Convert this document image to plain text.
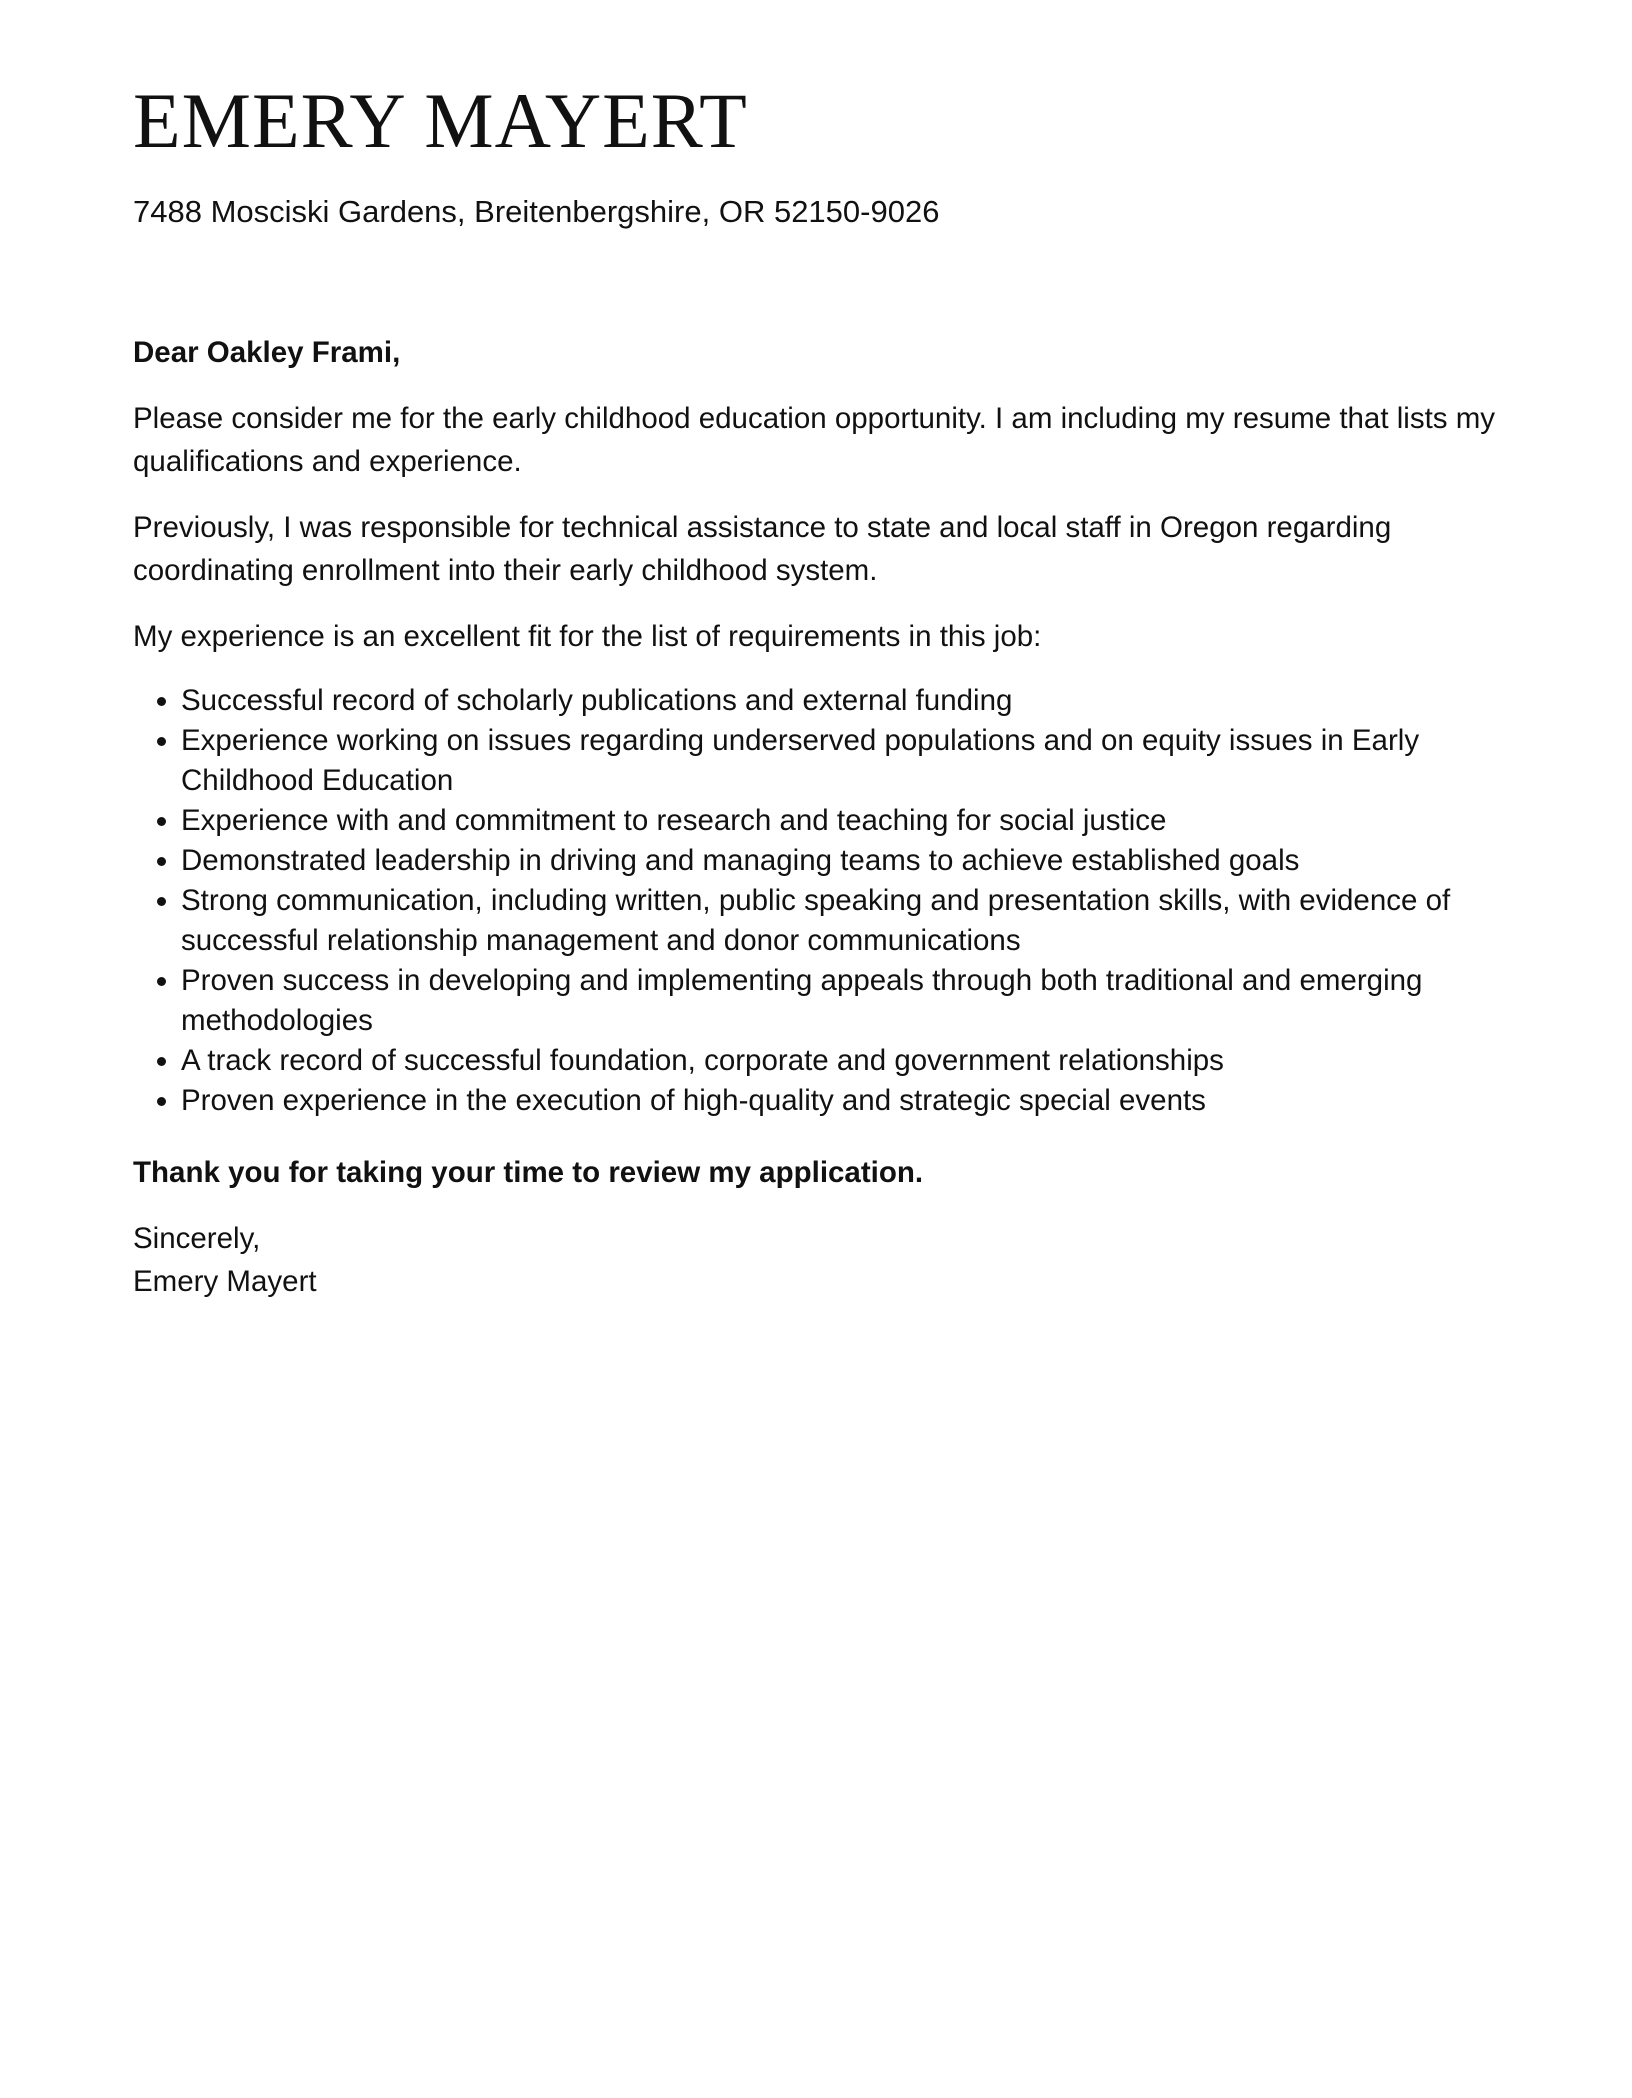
EMERY MAYERT

7488 Mosciski Gardens, Breitenbergshire, OR 52150-9026

Dear Oakley Frami,

Please consider me for the early childhood education opportunity. I am including my resume that lists my qualifications and experience.

Previously, I was responsible for technical assistance to state and local staff in Oregon regarding coordinating enrollment into their early childhood system.

My experience is an excellent fit for the list of requirements in this job:

• Successful record of scholarly publications and external funding
• Experience working on issues regarding underserved populations and on equity issues in Early Childhood Education
• Experience with and commitment to research and teaching for social justice
• Demonstrated leadership in driving and managing teams to achieve established goals
• Strong communication, including written, public speaking and presentation skills, with evidence of successful relationship management and donor communications
• Proven success in developing and implementing appeals through both traditional and emerging methodologies
• A track record of successful foundation, corporate and government relationships
• Proven experience in the execution of high-quality and strategic special events

Thank you for taking your time to review my application.

Sincerely,
Emery Mayert
